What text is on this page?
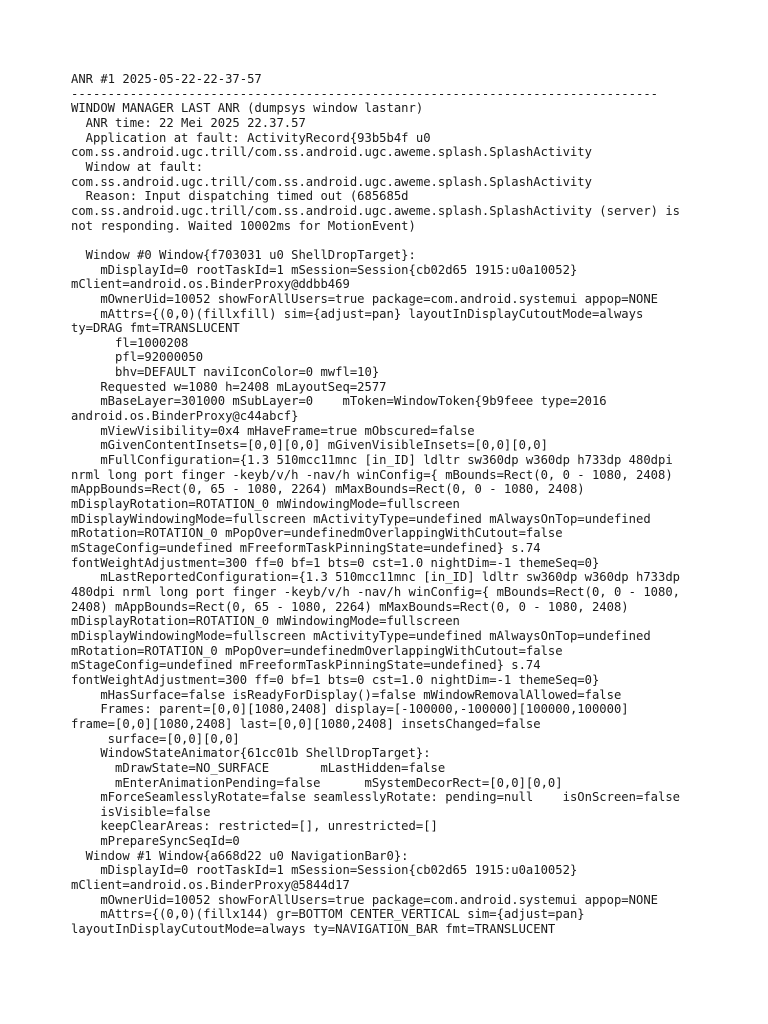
ANR #1 2025-05-22-22-37-57
--------------------------------------------------------------------------------
WINDOW MANAGER LAST ANR (dumpsys window lastanr)
ANR time: 22 Mei 2025 22.37.57
Application at fault: ActivityRecord{93b5b4f u0
com.ss.android.ugc.trill/com.ss.android.ugc.aweme.splash.SplashActivity
Window at fault:
com.ss.android.ugc.trill/com.ss.android.ugc.aweme.splash.SplashActivity
Reason: Input dispatching timed out (685685d
com.ss.android.ugc.trill/com.ss.android.ugc.aweme.splash.SplashActivity (server) is
not responding. Waited 10002ms for MotionEvent)
Window #0 Window{f703031 u0 ShellDropTarget}:
mDisplayId=0 rootTaskId=1 mSession=Session{cb02d65 1915:u0a10052}
mClient=android.os.BinderProxy@ddbb469
mOwnerUid=10052 showForAllUsers=true package=com.android.systemui appop=NONE
mAttrs={(0,0)(fillxfill) sim={adjust=pan} layoutInDisplayCutoutMode=always
ty=DRAG fmt=TRANSLUCENT
fl=1000208
pfl=92000050
bhv=DEFAULT naviIconColor=0 mwfl=10}
Requested w=1080 h=2408 mLayoutSeq=2577
mBaseLayer=301000 mSubLayer=0    mToken=WindowToken{9b9feee type=2016
android.os.BinderProxy@c44abcf}
mViewVisibility=0x4 mHaveFrame=true mObscured=false
mGivenContentInsets=[0,0][0,0] mGivenVisibleInsets=[0,0][0,0]
mFullConfiguration={1.3 510mcc11mnc [in_ID] ldltr sw360dp w360dp h733dp 480dpi
nrml long port finger -keyb/v/h -nav/h winConfig={ mBounds=Rect(0, 0 - 1080, 2408)
mAppBounds=Rect(0, 65 - 1080, 2264) mMaxBounds=Rect(0, 0 - 1080, 2408)
mDisplayRotation=ROTATION_0 mWindowingMode=fullscreen
mDisplayWindowingMode=fullscreen mActivityType=undefined mAlwaysOnTop=undefined
mRotation=ROTATION_0 mPopOver=undefinedmOverlappingWithCutout=false
mStageConfig=undefined mFreeformTaskPinningState=undefined} s.74
fontWeightAdjustment=300 ff=0 bf=1 bts=0 cst=1.0 nightDim=-1 themeSeq=0}
mLastReportedConfiguration={1.3 510mcc11mnc [in_ID] ldltr sw360dp w360dp h733dp
480dpi nrml long port finger -keyb/v/h -nav/h winConfig={ mBounds=Rect(0, 0 - 1080,
2408) mAppBounds=Rect(0, 65 - 1080, 2264) mMaxBounds=Rect(0, 0 - 1080, 2408)
mDisplayRotation=ROTATION_0 mWindowingMode=fullscreen
mDisplayWindowingMode=fullscreen mActivityType=undefined mAlwaysOnTop=undefined
mRotation=ROTATION_0 mPopOver=undefinedmOverlappingWithCutout=false
mStageConfig=undefined mFreeformTaskPinningState=undefined} s.74
fontWeightAdjustment=300 ff=0 bf=1 bts=0 cst=1.0 nightDim=-1 themeSeq=0}
mHasSurface=false isReadyForDisplay()=false mWindowRemovalAllowed=false
Frames: parent=[0,0][1080,2408] display=[-100000,-100000][100000,100000]
frame=[0,0][1080,2408] last=[0,0][1080,2408] insetsChanged=false
surface=[0,0][0,0]
WindowStateAnimator{61cc01b ShellDropTarget}:
mDrawState=NO_SURFACE       mLastHidden=false
mEnterAnimationPending=false      mSystemDecorRect=[0,0][0,0]
mForceSeamlesslyRotate=false seamlesslyRotate: pending=null    isOnScreen=false
isVisible=false
keepClearAreas: restricted=[], unrestricted=[]
mPrepareSyncSeqId=0
Window #1 Window{a668d22 u0 NavigationBar0}:
mDisplayId=0 rootTaskId=1 mSession=Session{cb02d65 1915:u0a10052}
mClient=android.os.BinderProxy@5844d17
mOwnerUid=10052 showForAllUsers=true package=com.android.systemui appop=NONE
mAttrs={(0,0)(fillx144) gr=BOTTOM CENTER_VERTICAL sim={adjust=pan}
layoutInDisplayCutoutMode=always ty=NAVIGATION_BAR fmt=TRANSLUCENT
